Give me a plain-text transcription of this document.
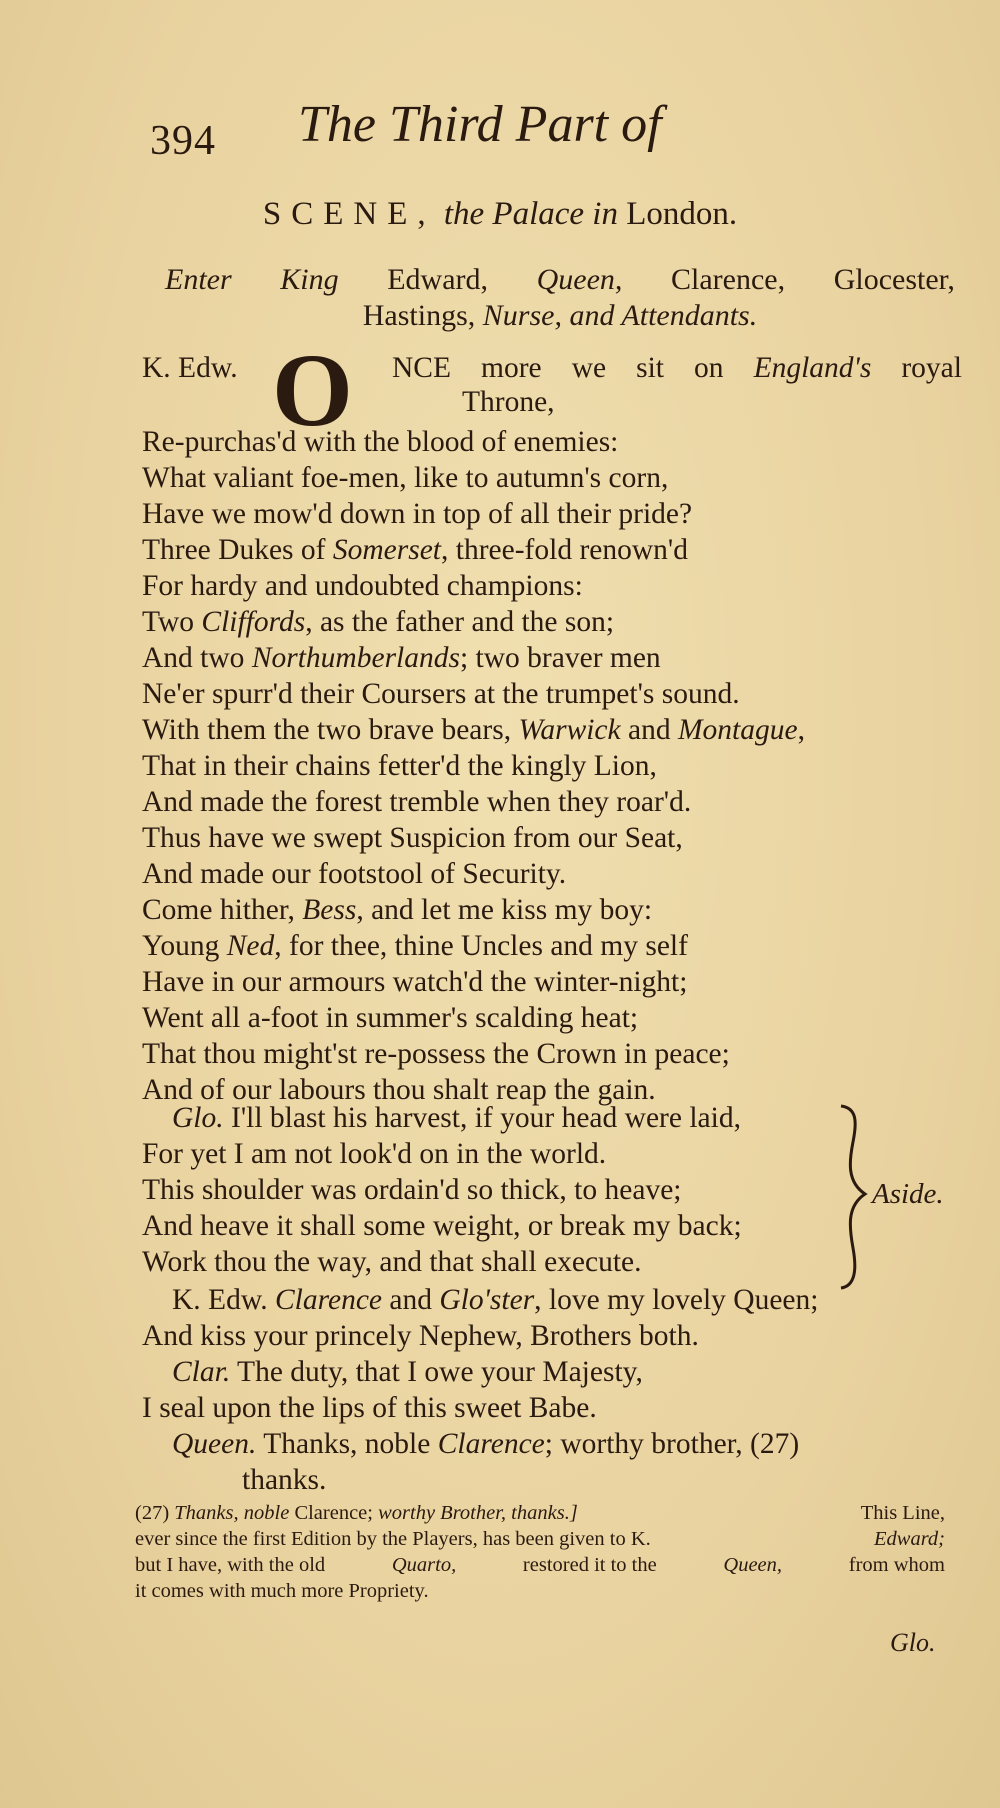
394 The Third Part of
SCENE, the Palace in London.
Enter King Edward, Queen, Clarence, Glocester,
Hastings, Nurse, and Attendants.
K. Edw. O NCE more we sit on England's royal
Throne,
Re-purchas'd with the blood of enemies:
What valiant foe-men, like to autumn's corn,
Have we mow'd down in top of all their pride?
Three Dukes of Somerset, three-fold renown'd
For hardy and undoubted champions:
Two Cliffords, as the father and the son;
And two Northumberlands; two braver men
Ne'er spurr'd their Coursers at the trumpet's sound.
With them the two brave bears, Warwick and Montague,
That in their chains fetter'd the kingly Lion,
And made the forest tremble when they roar'd.
Thus have we swept Suspicion from our Seat,
And made our footstool of Security.
Come hither, Bess, and let me kiss my boy:
Young Ned, for thee, thine Uncles and my self
Have in our armours watch'd the winter-night;
Went all a-foot in summer's scalding heat;
That thou might'st re-possess the Crown in peace;
And of our labours thou shalt reap the gain.
Glo. I'll blast his harvest, if your head were laid,
For yet I am not look'd on in the world.
This shoulder was ordain'd so thick, to heave;
And heave it shall some weight, or break my back;
Work thou the way, and that shall execute.
Aside.
K. Edw. Clarence and Glo'ster, love my lovely Queen;
And kiss your princely Nephew, Brothers both.
Clar. The duty, that I owe your Majesty,
I seal upon the lips of this sweet Babe.
Queen. Thanks, noble Clarence; worthy brother, (27)
thanks.
(27) Thanks, noble Clarence; worthy Brother, thanks.]	This Line,
ever since the first Edition by the Players, has been given to K.	Edward;
but I have, with the old	Quarto,	restored it to the	Queen,	from whom
it comes with much more Propriety.
Glo.
